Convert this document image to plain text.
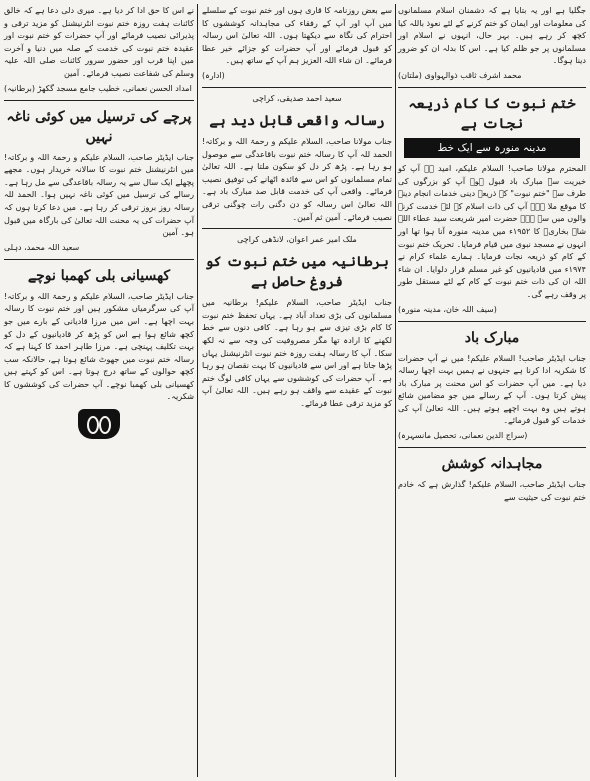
جگلیا ہے اور یہ بتایا ہے کہ دشمنان اسلام مسلمانوں کی معلومات اور ایمان کو ختم کرنے کے لئے نعوذ باللہ کیا کچھ کر رہے ہیں۔ بہر حال، انہوں نے اسلام اور مسلمانوں پر جو ظلم کیا ہے۔ اس کا بدلہ ان کو ضرور دینا ہوگا۔

محمد اشرف ثاقب ذوالہواوی (ملتان)

ختم نبوت کا کام ذریعہ نجات ہے
مدینہ منورہ سے ایک خط

المحترم مولانا صاحب! السلام علیکم، امید ہے آپ کو خیریت سے مبارک باد قبول ہو۔ آپ کو بزرگوں کی طرف سے "ختم نبوت" کے ذریعہ دینی خدمات انجام دینے کا موقع ملا ہے۔ آپ کی ذات اسلام کے لئے خدمت کرنے والوں میں سے ہے۔ حضرت امیر شریعت سید عطاء اللہ شاہ بخاریؒ کا ۱۹۵۲ء میں مدینہ منورہ آنا ہوا تھا اور انہوں نے مسجد نبوی میں قیام فرمایا۔ تحریک ختم نبوت کے کام کو ذریعہ نجات فرمایا۔ ہمارے علماء کرام نے ۱۹۷۴ء میں قادیانیوں کو غیر مسلم قرار دلوایا۔ ان شاء اللہ ان کی ذات ختم نبوت کے کام کے لئے مستقل طور پر وقف رہے گی۔

(سیف اللہ خان، مدینہ منورہ)

مبارک باد

جناب ایڈیٹر صاحب! السلام علیکم! میں نے آپ حضرات کا شکریہ ادا کرنا ہے جنہوں نے ہمیں بہت اچھا رسالہ دیا ہے۔ میں آپ حضرات کو اس محنت پر مبارک باد پیش کرتا ہوں۔ آپ کے رسالے میں جو مضامین شائع ہوتے ہیں وہ بہت اچھے ہوتے ہیں۔ اللہ تعالیٰ آپ کی خدمات کو قبول فرمائے۔

(سراج الدین نعمانی، تحصیل مانسہرہ)

مجاہدانہ کوشش

جناب ایڈیٹر صاحب، السلام علیکم! گذارش ہے کہ خادم ختم نبوت کی حیثیت سے

سے بعض روزنامہ کا قاری ہوں اور ختم نبوت کے سلسلے میں آپ اور آپ کے رفقاء کی مجاہدانہ کوششوں کا احترام کی نگاہ سے دیکھتا ہوں۔ اللہ تعالیٰ اس رسالہ کو قبول فرمائے اور آپ حضرات کو جزائے خیر عطا فرمائے۔ ان شاء اللہ العزیز ہم آپ کے ساتھ ہیں۔

(ادارہ)

سعید احمد صدیقی، کراچی
رسالہ واقعی قابل دید ہے

جناب مولانا صاحب، السلام علیکم و رحمۃ اللہ و برکاتہ! الحمد للہ آپ کا رسالہ ختم نبوت باقاعدگی سے موصول ہو رہا ہے۔ پڑھ کر دل کو سکون ملتا ہے۔ اللہ تعالیٰ تمام مسلمانوں کو اس سے فائدہ اٹھانے کی توفیق نصیب فرمائے۔ واقعی آپ کی خدمت قابل صد مبارک باد ہے۔ اللہ تعالیٰ اس رسالہ کو دن دگنی رات چوگنی ترقی نصیب فرمائے۔ آمین ثم آمین۔

ملک امیر عمر اعوان، لانڈھی کراچی
برطانیہ میں ختم نبوت کو فروغ حاصل ہے

جناب ایڈیٹر صاحب، السلام علیکم! برطانیہ میں مسلمانوں کی بڑی تعداد آباد ہے۔ یہاں تحفظ ختم نبوت کا کام بڑی تیزی سے ہو رہا ہے۔ کافی دنوں سے خط لکھنے کا ارادہ تھا مگر مصروفیت کی وجہ سے نہ لکھ سکا۔ آپ کا رسالہ ہفت روزہ ختم نبوت انٹرنیشنل یہاں پڑھا جاتا ہے اور اس سے قادیانیوں کا بہت نقصان ہو رہا ہے۔ آپ حضرات کی کوششوں سے یہاں کافی لوگ ختم نبوت کے عقیدے سے واقف ہو رہے ہیں۔ اللہ تعالیٰ آپ کو مزید ترقی عطا فرمائے۔

نے اس کا حق ادا کر دیا ہے۔ میری دلی دعا ہے کہ خالق کائنات ہفت روزہ ختم نبوت انٹرنیشنل کو مزید ترقی و پذیرائی نصیب فرمائے اور آپ حضرات کو ختم نبوت اور عقیدہ ختم نبوت کی خدمت کے صلہ میں دنیا و آخرت میں اپنا قرب اور حضور سرور کائنات صلی اللہ علیہ وسلم کی شفاعت نصیب فرمائے۔ آمین

امداد الحسن نعمانی، خطیب جامع مسجد گکھڑ (برطانیہ)

پرچے کی ترسیل میں کوئی ناغہ نہیں

جناب ایڈیٹر صاحب، السلام علیکم و رحمۃ اللہ و برکاتہ! میں انٹرنیشنل ختم نبوت کا سالانہ خریدار ہوں۔ مجھے پچھلے ایک سال سے یہ رسالہ باقاعدگی سے مل رہا ہے۔ رسالے کی ترسیل میں کوئی ناغہ نہیں ہوا۔ الحمد للہ رسالہ روز بروز ترقی کر رہا ہے۔ میں دعا کرتا ہوں کہ آپ حضرات کی یہ محنت اللہ تعالیٰ کی بارگاہ میں قبول ہو۔ آمین

سعید اللہ محمد، دہلی

کھسیانی بلی کھمبا نوچے

جناب ایڈیٹر صاحب، السلام علیکم و رحمۃ اللہ و برکاتہ! آپ کی سرگرمیاں مشکور ہیں اور ختم نبوت کا رسالہ بہت اچھا ہے۔ اس میں مرزا قادیانی کے بارے میں جو کچھ شائع ہوا ہے اس کو پڑھ کر قادیانیوں کے دل کو بہت تکلیف پہنچی ہے۔ مرزا طاہر احمد کا کہنا ہے کہ رسالہ ختم نبوت میں جھوٹ شائع ہوتا ہے، حالانکہ سب کچھ حوالوں کے ساتھ درج ہوتا ہے۔ اس کو کہتے ہیں کھسیانی بلی کھمبا نوچے۔ آپ حضرات کی کوششوں کا شکریہ۔
